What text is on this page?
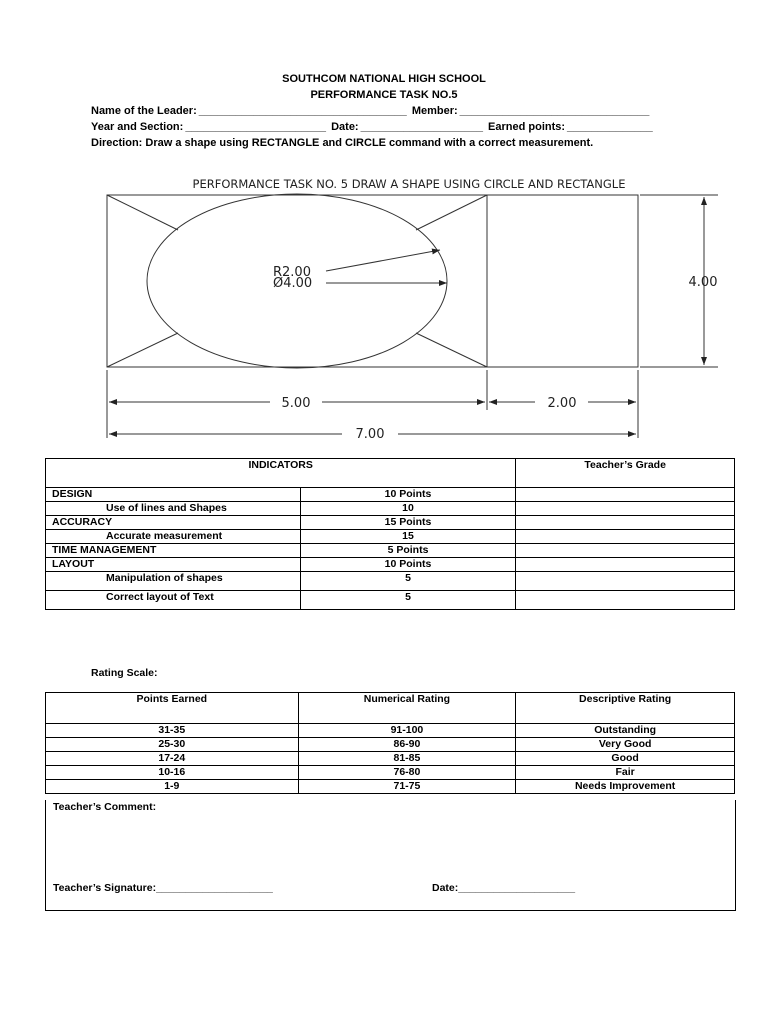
SOUTHCOM NATIONAL HIGH SCHOOL
PERFORMANCE TASK NO.5
Name of the Leader: __________________________________ Member: _______________________________
Year and Section: _______________________ Date: ____________________ Earned points: ______________
Direction: Draw a shape using RECTANGLE and CIRCLE command with a correct measurement.
PERFORMANCE TASK NO. 5 DRAW A SHAPE USING CIRCLE AND RECTANGLE
R2.00
Ø4.00	4.00
5.00	2.00
7.00
INDICATORS		Teacher’s Grade
DESIGN	10 Points	
Use of lines and Shapes	10	
ACCURACY	15 Points	
Accurate measurement	15	
TIME MANAGEMENT	5 Points	
LAYOUT	10 Points	
Manipulation of shapes	5	
Correct layout of Text	5	
Rating Scale:
Points Earned	Numerical Rating	Descriptive Rating
31-35	91-100	Outstanding
25-30	86-90	Very Good
17-24	81-85	Good
10-16	76-80	Fair
1-9	71-75	Needs Improvement
Teacher’s Comment:
Teacher’s Signature:____________________	Date:____________________
